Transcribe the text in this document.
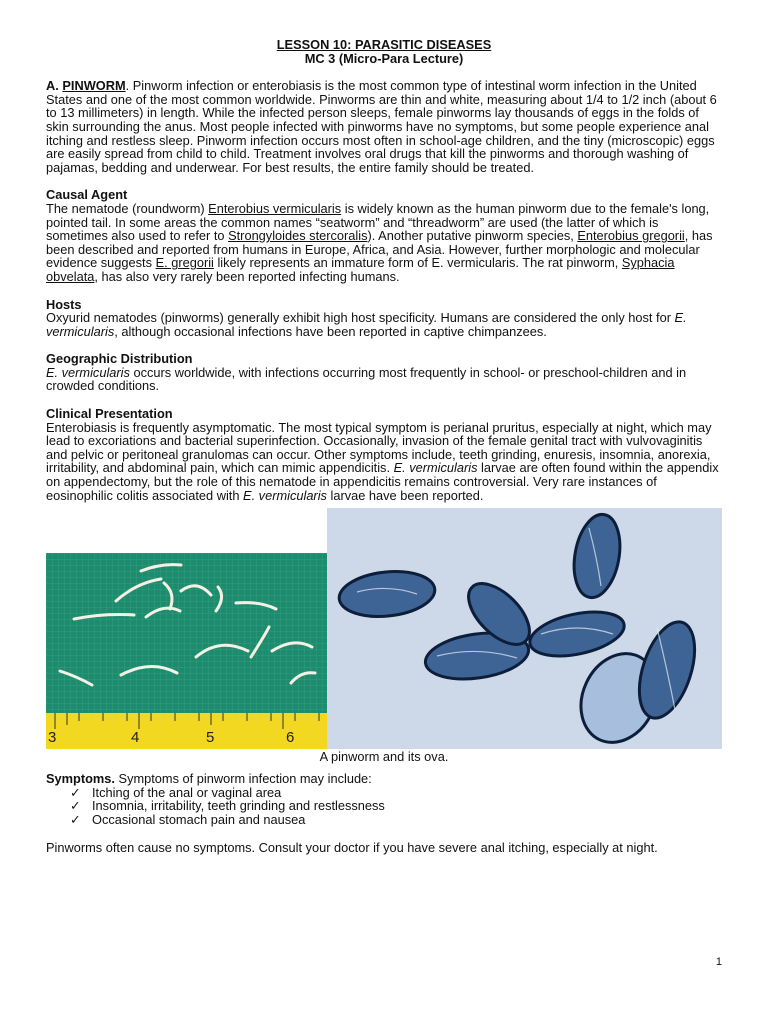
LESSON 10: PARASITIC DISEASES
MC 3 (Micro-Para Lecture)

A. PINWORM. Pinworm infection or enterobiasis is the most common type of intestinal worm infection in the United States and one of the most common worldwide. Pinworms are thin and white, measuring about 1/4 to 1/2 inch (about 6 to 13 millimeters) in length. While the infected person sleeps, female pinworms lay thousands of eggs in the folds of skin surrounding the anus. Most people infected with pinworms have no symptoms, but some people experience anal itching and restless sleep. Pinworm infection occurs most often in school-age children, and the tiny (microscopic) eggs are easily spread from child to child. Treatment involves oral drugs that kill the pinworms and thorough washing of pajamas, bedding and underwear. For best results, the entire family should be treated.

Causal Agent

The nematode (roundworm) Enterobius vermicularis is widely known as the human pinworm due to the female's long, pointed tail. In some areas the common names “seatworm” and “threadworm” are used (the latter of which is sometimes also used to refer to Strongyloides stercoralis). Another putative pinworm species, Enterobius gregorii, has been described and reported from humans in Europe, Africa, and Asia. However, further morphologic and molecular evidence suggests E. gregorii likely represents an immature form of E. vermicularis. The rat pinworm, Syphacia obvelata, has also very rarely been reported infecting humans.

Hosts

Oxyurid nematodes (pinworms) generally exhibit high host specificity. Humans are considered the only host for E. vermicularis, although occasional infections have been reported in captive chimpanzees.

Geographic Distribution

E. vermicularis occurs worldwide, with infections occurring most frequently in school- or preschool-children and in crowded conditions.

Clinical Presentation

Enterobiasis is frequently asymptomatic. The most typical symptom is perianal pruritus, especially at night, which may lead to excoriations and bacterial superinfection. Occasionally, invasion of the female genital tract with vulvovaginitis and pelvic or peritoneal granulomas can occur. Other symptoms include, teeth grinding, enuresis, insomnia, anorexia, irritability, and abdominal pain, which can mimic appendicitis. E. vermicularis larvae are often found within the appendix on appendectomy, but the role of this nematode in appendicitis remains controversial. Very rare instances of eosinophilic colitis associated with E. vermicularis larvae have been reported.

3	4	5	6
A pinworm and its ova.

Symptoms. Symptoms of pinworm infection may include:

✓ Itching of the anal or vaginal area
✓ Insomnia, irritability, teeth grinding and restlessness
✓ Occasional stomach pain and nausea

Pinworms often cause no symptoms. Consult your doctor if you have severe anal itching, especially at night.

1
